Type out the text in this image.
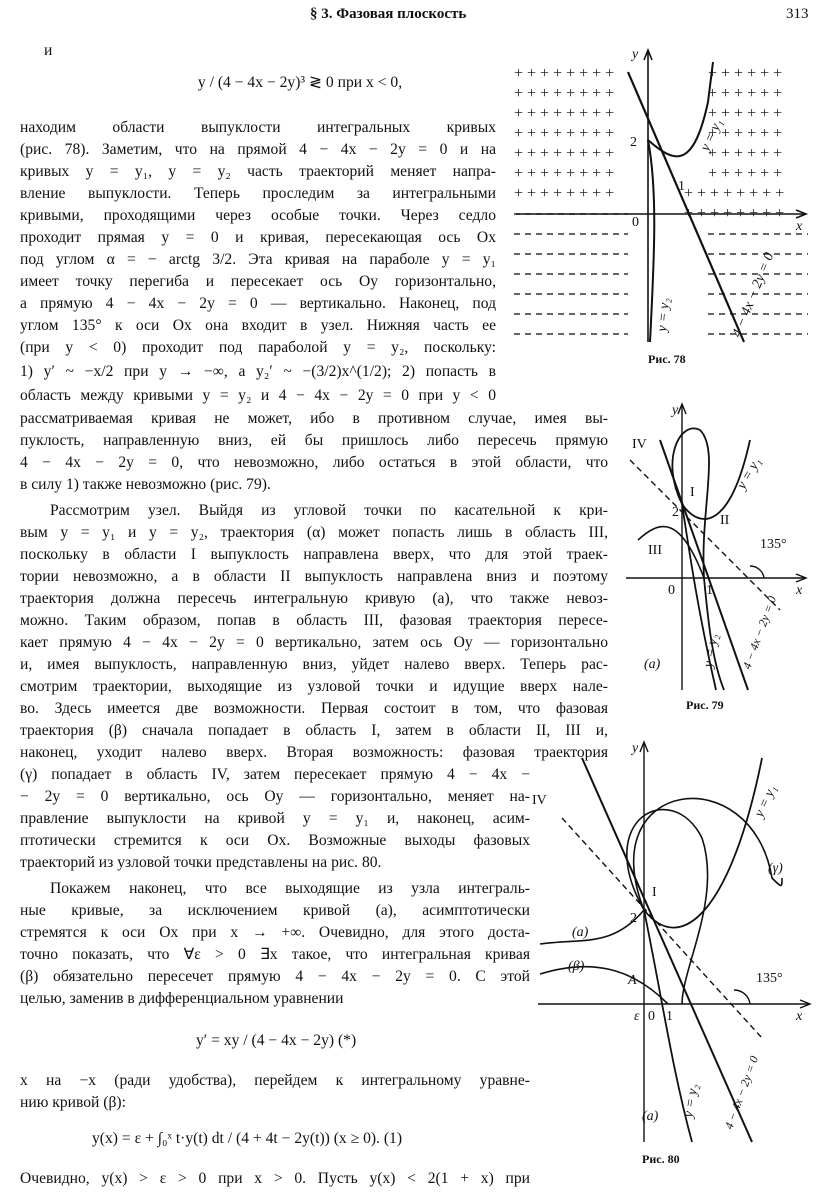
§ 3. Фазовая плоскость	313
и
y / (4 − 4x − 2y)³ ≷ 0 при x < 0,
находим области выпуклости интегральных кривых
(рис. 78). Заметим, что на прямой 4 − 4x − 2y = 0 и на
кривых y = y₁, y = y₂ часть траекторий меняет напра-
вление выпуклости. Теперь проследим за интегральными
кривыми, проходящими через особые точки. Через седло
проходит прямая y = 0 и кривая, пересекающая ось Ox
под углом α = − arctg 3/2. Эта кривая на параболе y = y₁
имеет точку перегиба и пересекает ось Oy горизонтально,
а прямую 4 − 4x − 2y = 0 — вертикально. Наконец, под
углом 135° к оси Ox она входит в узел. Нижняя часть ее
(при y < 0) проходит под параболой y = y₂, поскольку:
1) y′ ~ −x/2 при y → −∞, а y₂′ ~ −(3/2)x^(1/2); 2) попасть в
область между кривыми y = y₂ и 4 − 4x − 2y = 0 при y < 0
рассматриваемая кривая не может, ибо в противном случае, имея вы-
пуклость, направленную вниз, ей бы пришлось либо пересечь прямую
4 − 4x − 2y = 0, что невозможно, либо остаться в этой области, что
в силу 1) также невозможно (рис. 79).
Рассмотрим узел. Выйдя из угловой точки по касательной к кри-
вым y = y₁ и y = y₂, траектория (α) может попасть лишь в область III,
поскольку в области I выпуклость направлена вверх, что для этой траек-
тории невозможно, а в области II выпуклость направлена вниз и поэтому
траектория должна пересечь интегральную кривую (a), что также невоз-
можно. Таким образом, попав в область III, фазовая траектория пересе-
кает прямую 4 − 4x − 2y = 0 вертикально, затем ось Oy — горизонтально
и, имея выпуклость, направленную вниз, уйдет налево вверх. Теперь рас-
смотрим траектории, выходящие из узловой точки и идущие вверх нале-
во. Здесь имеется две возможности. Первая состоит в том, что фазовая
траектория (β) сначала попадает в область I, затем в области II, III и,
наконец, уходит налево вверх. Вторая возможность: фазовая траектория
(γ) попадает в область IV, затем пересекает прямую 4 − 4x −
− 2y = 0 вертикально, ось Oy — горизонтально, меняет на-
правление выпуклости на кривой y = y₁ и, наконец, асим-
птотически стремится к оси Ox. Возможные выходы фазовых
траекторий из узловой точки представлены на рис. 80.
Покажем наконец, что все выходящие из узла интеграль-
ные кривые, за исключением кривой (a), асимптотически
стремятся к оси Ox при x → +∞. Очевидно, для этого доста-
точно показать, что ∀ε > 0 ∃x такое, что интегральная кривая
(β) обязательно пересечет прямую 4 − 4x − 2y = 0. С этой
целью, заменив в дифференциальном уравнении
y′ = xy / (4 − 4x − 2y) (*)
x на −x (ради удобства), перейдем к интегральному уравне-
нию кривой (β):
y(x) = ε + ∫₀ˣ t·y(t) dt / (4 + 4t − 2y(t)) (x ≥ 0). (1)
Очевидно, y(x) > ε > 0 при x > 0. Пусть y(x) < 2(1 + x) при
+ + + + + + + +
+ + + + + + + +
+ + + + + + + +
+ + + + + + + +
+ + + + + + + +
+ + + + + + + +
+ + + + + + + +
+ + + + + +
+ + + + + +
+ + + + + +
+ + + + + +
+ + + + + +
+ + + + + +
+ + + + + + + +
+ + + + + + + +
y
x
0
1
2	y = y₁
y = y₂	4 − 4x − 2y = 0
Рис. 78
y
x
0 1
2
IV
I
II
III	135°
(a)
y = y₁
y = y₂ 4 − 4x − 2y = 0
Рис. 79
y
x
0 1
2
IV
I
A
ε
135°
(a)
(a)
(β)
(γ)
y = y₁
y = y₂ 4 − 4x − 2y = 0
Рис. 80
